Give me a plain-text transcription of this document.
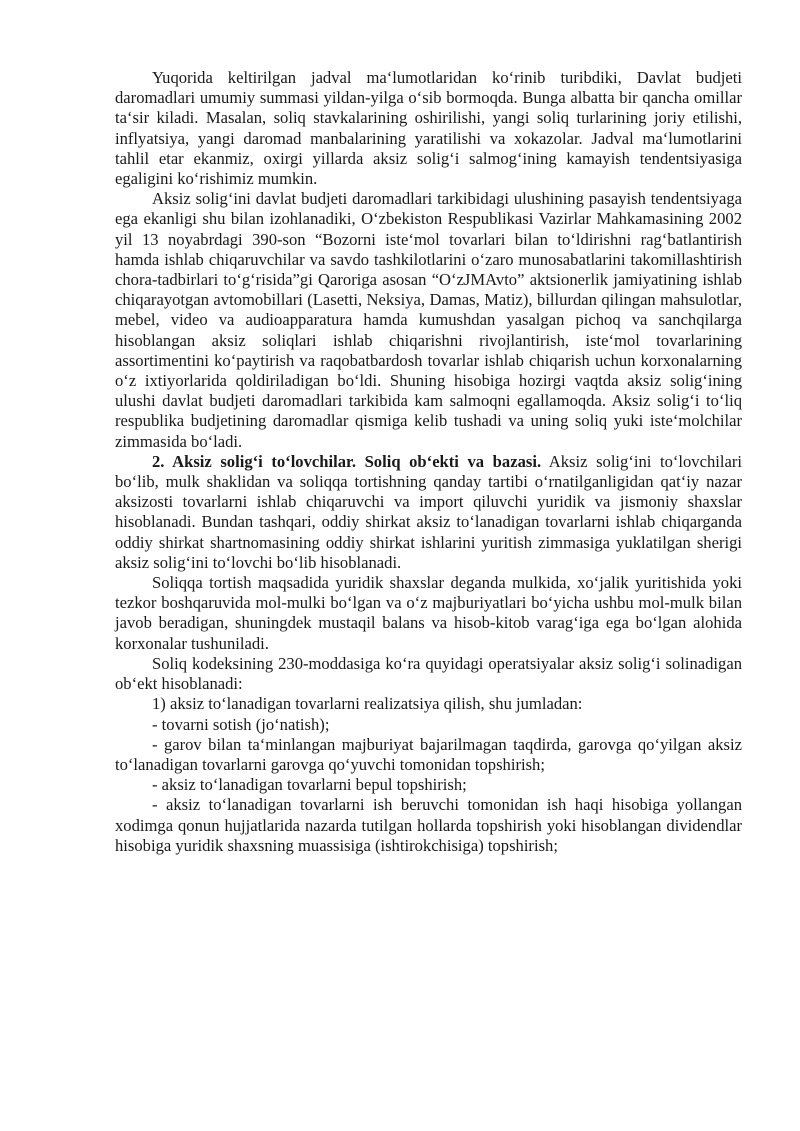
Yuqorida keltirilgan jadval maʻlumotlaridan koʻrinib turibdiki, Davlat budjeti daromadlari umumiy summasi yildan-yilga oʻsib bormoqda. Bunga albatta bir qancha omillar taʻsir kiladi. Masalan, soliq stavkalarining oshirilishi, yangi soliq turlarining joriy etilishi, inflyatsiya, yangi daromad manbalarining yaratilishi va xokazolar. Jadval maʻlumotlarini tahlil etar ekanmiz, oxirgi yillarda aksiz soligʻi salmogʻining kamayish tendentsiyasiga egaligini koʻrishimiz mumkin.

Aksiz soligʻini davlat budjeti daromadlari tarkibidagi ulushining pasayish tendentsiyaga ega ekanligi shu bilan izohlanadiki, Oʻzbekiston Respublikasi Vazirlar Mahkamasining 2002 yil 13 noyabrdagi 390-son “Bozorni isteʻmol tovarlari bilan toʻldirishni ragʻbatlantirish hamda ishlab chiqaruvchilar va savdo tashkilotlarini oʻzaro munosabatlarini takomillashtirish chora-tadbirlari toʻgʻrisida”gi Qaroriga asosan “OʻzJMAvto” aktsionerlik jamiyatining ishlab chiqarayotgan avtomobillari (Lasetti, Neksiya, Damas, Matiz), billurdan qilingan mahsulotlar, mebel, video va audioapparatura hamda kumushdan yasalgan pichoq va sanchqilarga hisoblangan aksiz soliqlari ishlab chiqarishni rivojlantirish, isteʻmol tovarlarining assortimentini koʻpaytirish va raqobatbardosh tovarlar ishlab chiqarish uchun korxonalarning oʻz ixtiyorlarida qoldiriladigan boʻldi. Shuning hisobiga hozirgi vaqtda aksiz soligʻining ulushi davlat budjeti daromadlari tarkibida kam salmoqni egallamoqda. Aksiz soligʻi toʻliq respublika budjetining daromadlar qismiga kelib tushadi va uning soliq yuki isteʻmolchilar zimmasida boʻladi.

2. Aksiz soligʻi toʻlovchilar. Soliq obʻekti va bazasi. Aksiz soligʻini toʻlovchilari boʻlib, mulk shaklidan va soliqqa tortishning qanday tartibi oʻrnatilganligidan qatʻiy nazar aksizosti tovarlarni ishlab chiqaruvchi va import qiluvchi yuridik va jismoniy shaxslar hisoblanadi. Bundan tashqari, oddiy shirkat aksiz toʻlanadigan tovarlarni ishlab chiqarganda oddiy shirkat shartnomasining oddiy shirkat ishlarini yuritish zimmasiga yuklatilgan sherigi aksiz soligʻini toʻlovchi boʻlib hisoblanadi.

Soliqqa tortish maqsadida yuridik shaxslar deganda mulkida, xoʻjalik yuritishida yoki tezkor boshqaruvida mol-mulki boʻlgan va oʻz majburiyatlari boʻyicha ushbu mol-mulk bilan javob beradigan, shuningdek mustaqil balans va hisob-kitob varagʻiga ega boʻlgan alohida korxonalar tushuniladi.

Soliq kodeksining 230-moddasiga koʻra quyidagi operatsiyalar aksiz soligʻi solinadigan obʻekt hisoblanadi:

1) aksiz toʻlanadigan tovarlarni realizatsiya qilish, shu jumladan:

- tovarni sotish (joʻnatish);

- garov bilan taʻminlangan majburiyat bajarilmagan taqdirda, garovga qoʻyilgan aksiz toʻlanadigan tovarlarni garovga qoʻyuvchi tomonidan topshirish;

- aksiz toʻlanadigan tovarlarni bepul topshirish;

- aksiz toʻlanadigan tovarlarni ish beruvchi tomonidan ish haqi hisobiga yollangan xodimga qonun hujjatlarida nazarda tutilgan hollarda topshirish yoki hisoblangan dividendlar hisobiga yuridik shaxsning muassisiga (ishtirokchisiga) topshirish;
